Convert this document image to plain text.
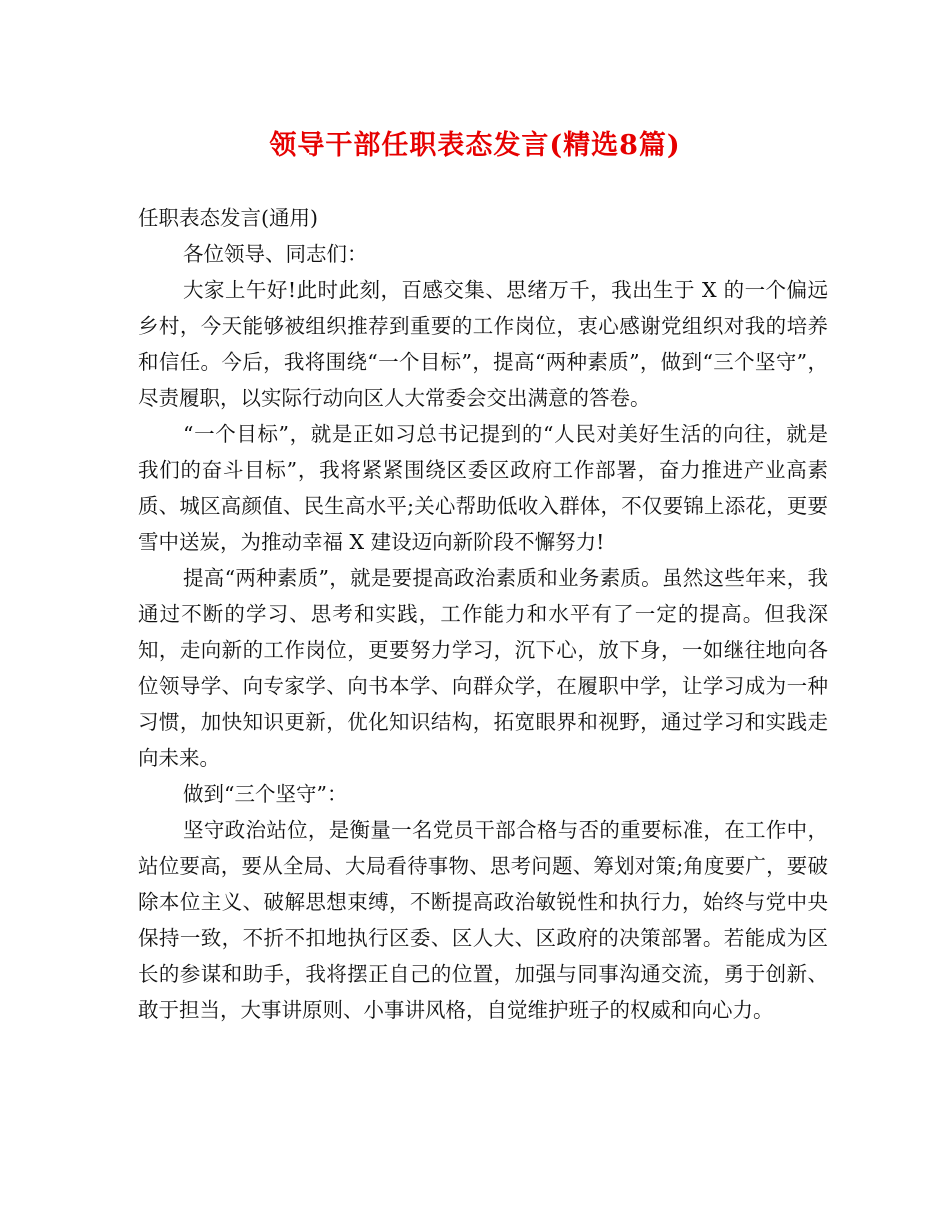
领导干部任职表态发言(精选8篇)

任职表态发言(通用)

各位领导、同志们：

大家上午好!此时此刻，百感交集、思绪万千，我出生于 X 的一个偏远乡村，今天能够被组织推荐到重要的工作岗位，衷心感谢党组织对我的培养和信任。今后，我将围绕“一个目标”，提高“两种素质”，做到“三个坚守”，尽责履职，以实际行动向区人大常委会交出满意的答卷。

“一个目标”，就是正如习总书记提到的“人民对美好生活的向往，就是我们的奋斗目标”，我将紧紧围绕区委区政府工作部署，奋力推进产业高素质、城区高颜值、民生高水平;关心帮助低收入群体，不仅要锦上添花，更要雪中送炭，为推动幸福 X 建设迈向新阶段不懈努力!

提高“两种素质”，就是要提高政治素质和业务素质。虽然这些年来，我通过不断的学习、思考和实践，工作能力和水平有了一定的提高。但我深知，走向新的工作岗位，更要努力学习，沉下心，放下身，一如继往地向各位领导学、向专家学、向书本学、向群众学，在履职中学，让学习成为一种习惯，加快知识更新，优化知识结构，拓宽眼界和视野，通过学习和实践走向未来。

做到“三个坚守”：

坚守政治站位，是衡量一名党员干部合格与否的重要标准，在工作中，站位要高，要从全局、大局看待事物、思考问题、筹划对策;角度要广，要破除本位主义、破解思想束缚，不断提高政治敏锐性和执行力，始终与党中央保持一致，不折不扣地执行区委、区人大、区政府的决策部署。若能成为区长的参谋和助手，我将摆正自己的位置，加强与同事沟通交流，勇于创新、敢于担当，大事讲原则、小事讲风格，自觉维护班子的权威和向心力。
